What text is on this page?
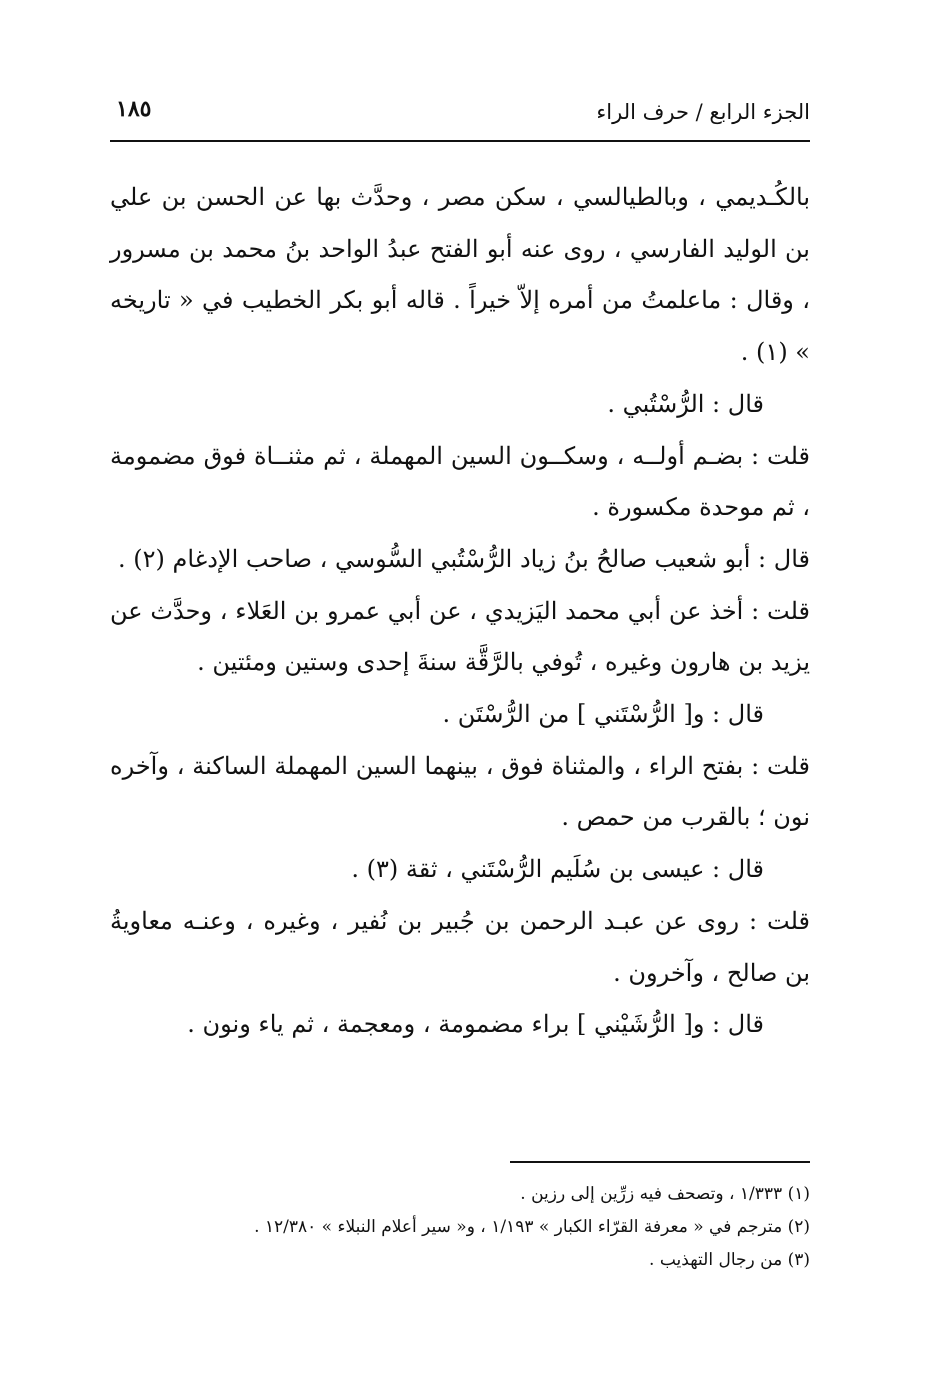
الجزء الرابع / حرف الراء
١٨٥

بالكُـديمي ، وبالطيالسي ، سكن مصر ، وحدَّث بها عن الحسن بن علي بن الوليد الفارسي ، روى عنه أبو الفتح عبدُ الواحد بنُ محمد بن مسرور ، وقال : ماعلمتُ من أمره إلاّ خيراً . قاله أبو بكر الخطيب في « تاريخه » (١) .

قال : الرُّسْتُبي .

قلت : بضـم أولــه ، وسكــون السين المهملة ، ثم مثنــاة فوق مضمومة ، ثم موحدة مكسورة .

قال : أبو شعيب صالحُ بنُ زياد الرُّسْتُبي السُّوسي ، صاحب الإدغام (٢) .

قلت : أخذ عن أبي محمد اليَزيدي ، عن أبي عمرو بن العَلاء ، وحدَّث عن يزيد بن هارون وغيره ، تُوفي بالرَّقَّة سنةَ إحدى وستين ومئتين .

قال : و[ الرُّسْتَني ] من الرُّسْتَن .

قلت : بفتح الراء ، والمثناة فوق ، بينهما السين المهملة الساكنة ، وآخره نون ؛ بالقرب من حمص .

قال : عيسى بن سُلَيم الرُّسْتَني ، ثقة (٣) .

قلت : روى عن عبـد الرحمن بن جُبير بن نُفير ، وغيره ، وعنـه معاويةُ بن صالح ، وآخرون .

قال : و[ الرُّشَيْني ] براء مضمومة ، ومعجمة ، ثم ياء ونون .

(١) ١/٣٣٣ ، وتصحف فيه زرِّين إلى رزين .

(٢) مترجم في « معرفة القرّاء الكبار » ١/١٩٣ ، و« سير أعلام النبلاء » ١٢/٣٨٠ .

(٣) من رجال التهذيب .
